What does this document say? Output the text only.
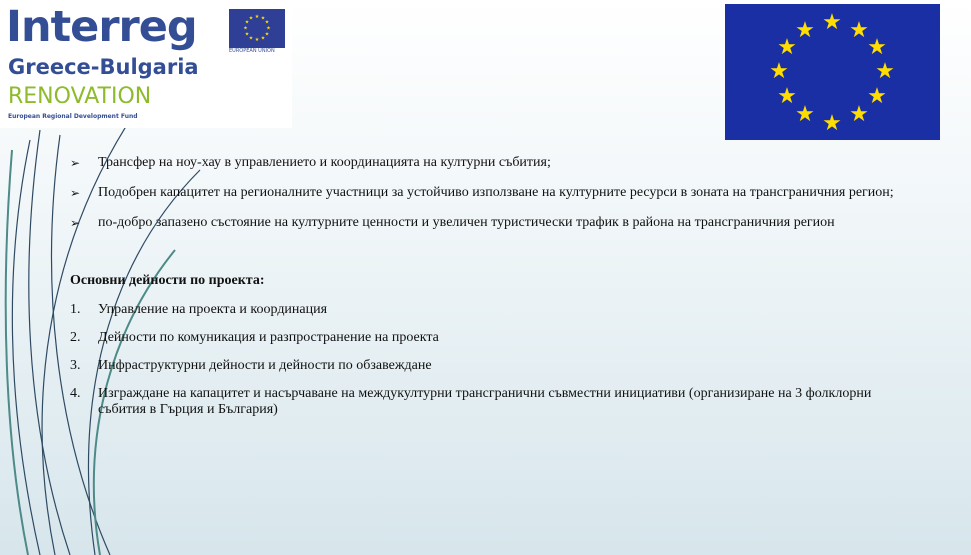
Interreg
Greece-Bulgaria
RENOVATION
European Regional Development Fund
★ ★
★
★
★
★
★
★
★
★
★
★
EUROPEAN UNION
★ ★
★
★
★
★
★
★
★
★
★
★
➢ Трансфер на ноу-хау в управлението и координацията на културни събития;
➢ Подобрен капацитет на регионалните участници за устойчиво използване на културните ресурси в зоната на трансграничния регион;
➢ по-добро запазено състояние на културните ценности и увеличен туристически трафик в района на трансграничния регион
Основни дейности по проекта:
1. Управление на проекта и координация
2. Дейности по комуникация и разпространение на проекта
3. Инфраструктурни дейности и дейности по обзавеждане
4. Изграждане на капацитет и насърчаване на междукултурни трансгранични съвместни инициативи (организиране на 3 фолклорни събития в Гърция и България)
